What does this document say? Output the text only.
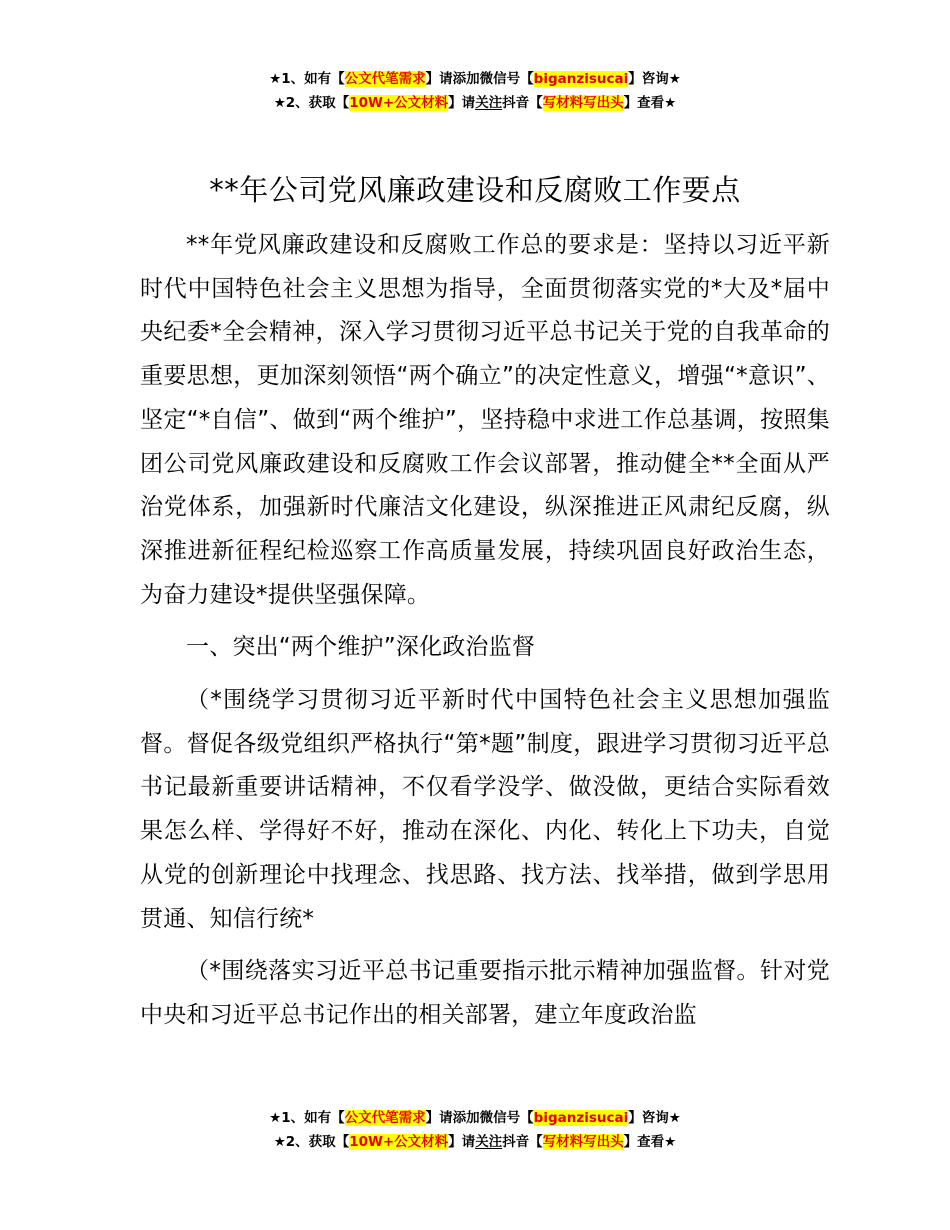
★1、如有【公文代笔需求】请添加微信号【biganzisucai】咨询★
★2、获取【10W+公文材料】请关注抖音【写材料写出头】查看★
**年公司党风廉政建设和反腐败工作要点

**年党风廉政建设和反腐败工作总的要求是：坚持以习近平新时代中国特色社会主义思想为指导，全面贯彻落实党的*大及*届中央纪委*全会精神，深入学习贯彻习近平总书记关于党的自我革命的重要思想，更加深刻领悟“两个确立”的决定性意义，增强“*意识”、坚定“*自信”、做到“两个维护”，坚持稳中求进工作总基调，按照集团公司党风廉政建设和反腐败工作会议部署，推动健全**全面从严治党体系，加强新时代廉洁文化建设，纵深推进正风肃纪反腐，纵深推进新征程纪检巡察工作高质量发展，持续巩固良好政治生态，为奋力建设*提供坚强保障。

一、突出“两个维护”深化政治监督

（*围绕学习贯彻习近平新时代中国特色社会主义思想加强监督。督促各级党组织严格执行“第*题”制度，跟进学习贯彻习近平总书记最新重要讲话精神，不仅看学没学、做没做，更结合实际看效果怎么样、学得好不好，推动在深化、内化、转化上下功夫，自觉从党的创新理论中找理念、找思路、找方法、找举措，做到学思用贯通、知信行统*

（*围绕落实习近平总书记重要指示批示精神加强监督。针对党中央和习近平总书记作出的相关部署，建立年度政治监

★1、如有【公文代笔需求】请添加微信号【biganzisucai】咨询★
★2、获取【10W+公文材料】请关注抖音【写材料写出头】查看★
